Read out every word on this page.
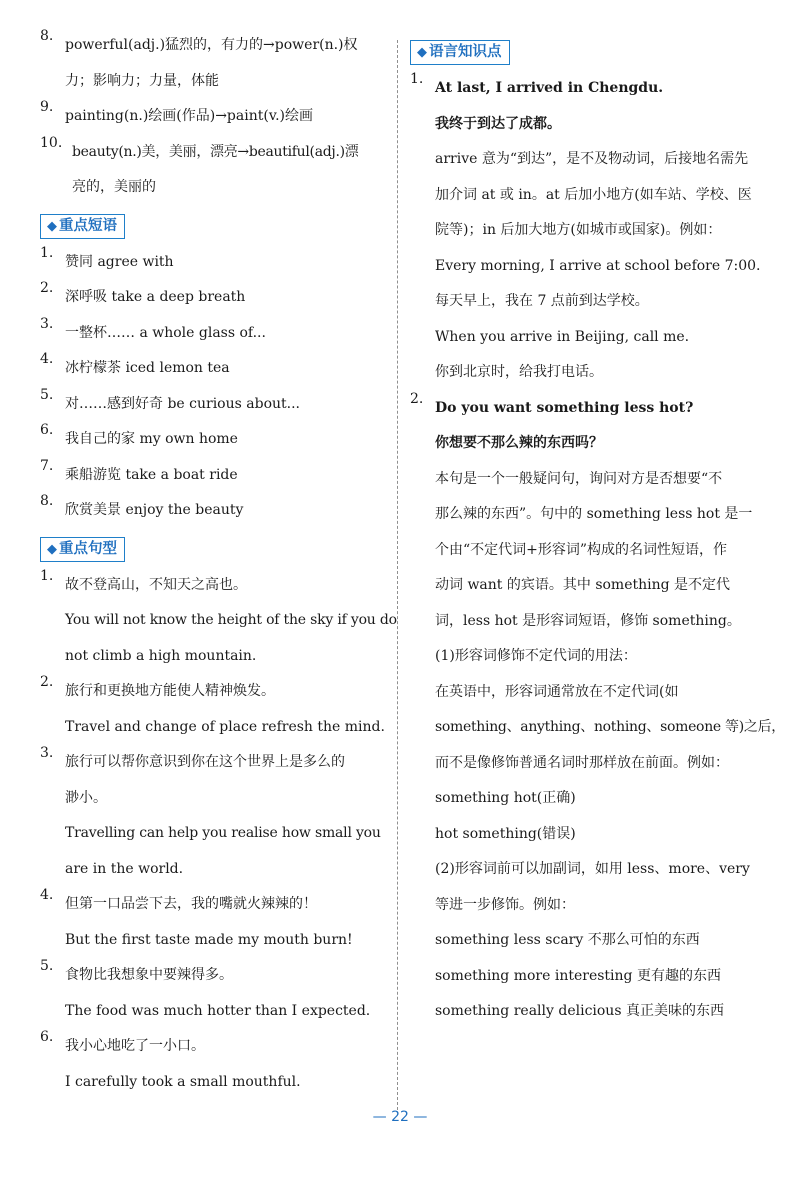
8.
powerful(adj.)猛烈的，有力的→power(n.)权
力；影响力；力量，体能
9.
painting(n.)绘画(作品)→paint(v.)绘画
10.
beauty(n.)美，美丽，漂亮→beautiful(adj.)漂
亮的，美丽的
◆ 重点短语
1.
赞同 agree with
2.
深呼吸 take a deep breath
3.
一整杯…… a whole glass of...
4.
冰柠檬茶 iced lemon tea
5.
对……感到好奇 be curious about...
6.
我自己的家 my own home
7.
乘船游览 take a boat ride
8.
欣赏美景 enjoy the beauty
◆ 重点句型
1.
故不登高山，不知天之高也。
You will not know the height of the sky if you do
not climb a high mountain.
2.
旅行和更换地方能使人精神焕发。
Travel and change of place refresh the mind.
3.
旅行可以帮你意识到你在这个世界上是多么的
渺小。
Travelling can help you realise how small you
are in the world.
4.
但第一口品尝下去，我的嘴就火辣辣的！
But the first taste made my mouth burn!
5.
食物比我想象中要辣得多。
The food was much hotter than I expected.
6.
我小心地吃了一小口。
I carefully took a small mouthful.
◆ 语言知识点
1.
At last, I arrived in Chengdu.
我终于到达了成都。
arrive 意为“到达”，是不及物动词，后接地名需先
加介词 at 或 in。at 后加小地方(如车站、学校、医
院等)；in 后加大地方(如城市或国家)。例如：
Every morning, I arrive at school before 7:00.
每天早上，我在 7 点前到达学校。
When you arrive in Beijing, call me.
你到北京时，给我打电话。
2.
Do you want something less hot?
你想要不那么辣的东西吗？
本句是一个一般疑问句，询问对方是否想要“不
那么辣的东西”。句中的 something less hot 是一
个由“不定代词+形容词”构成的名词性短语，作
动词 want 的宾语。其中 something 是不定代
词，less hot 是形容词短语，修饰 something。
(1)形容词修饰不定代词的用法：
在英语中，形容词通常放在不定代词(如
something、anything、nothing、someone 等)之后，
而不是像修饰普通名词时那样放在前面。例如：
something hot(正确)
hot something(错误)
(2)形容词前可以加副词，如用 less、more、very
等进一步修饰。例如：
something less scary 不那么可怕的东西
something more interesting 更有趣的东西
something really delicious 真正美味的东西
— 22 —
